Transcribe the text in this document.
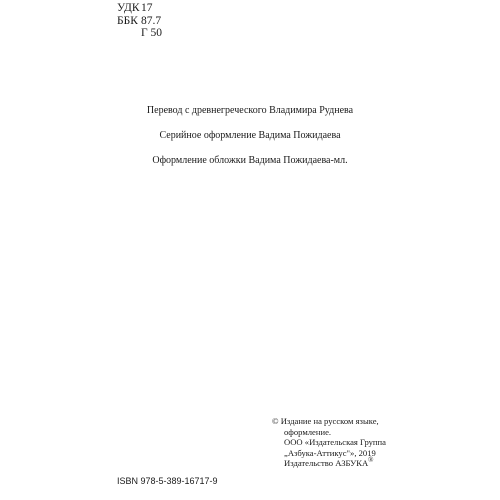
УДК 17
ББК 87.7
Г 50
Перевод с древнегреческого Владимира Руднева
Серийное оформление Вадима Пожидаева
Оформление обложки Вадима Пожидаева-мл.
© Издание на русском языке,
оформление.
ООО «Издательская Группа
„Азбука-Аттикус"», 2019
Издательство АЗБУКА®
ISBN 978-5-389-16717-9
